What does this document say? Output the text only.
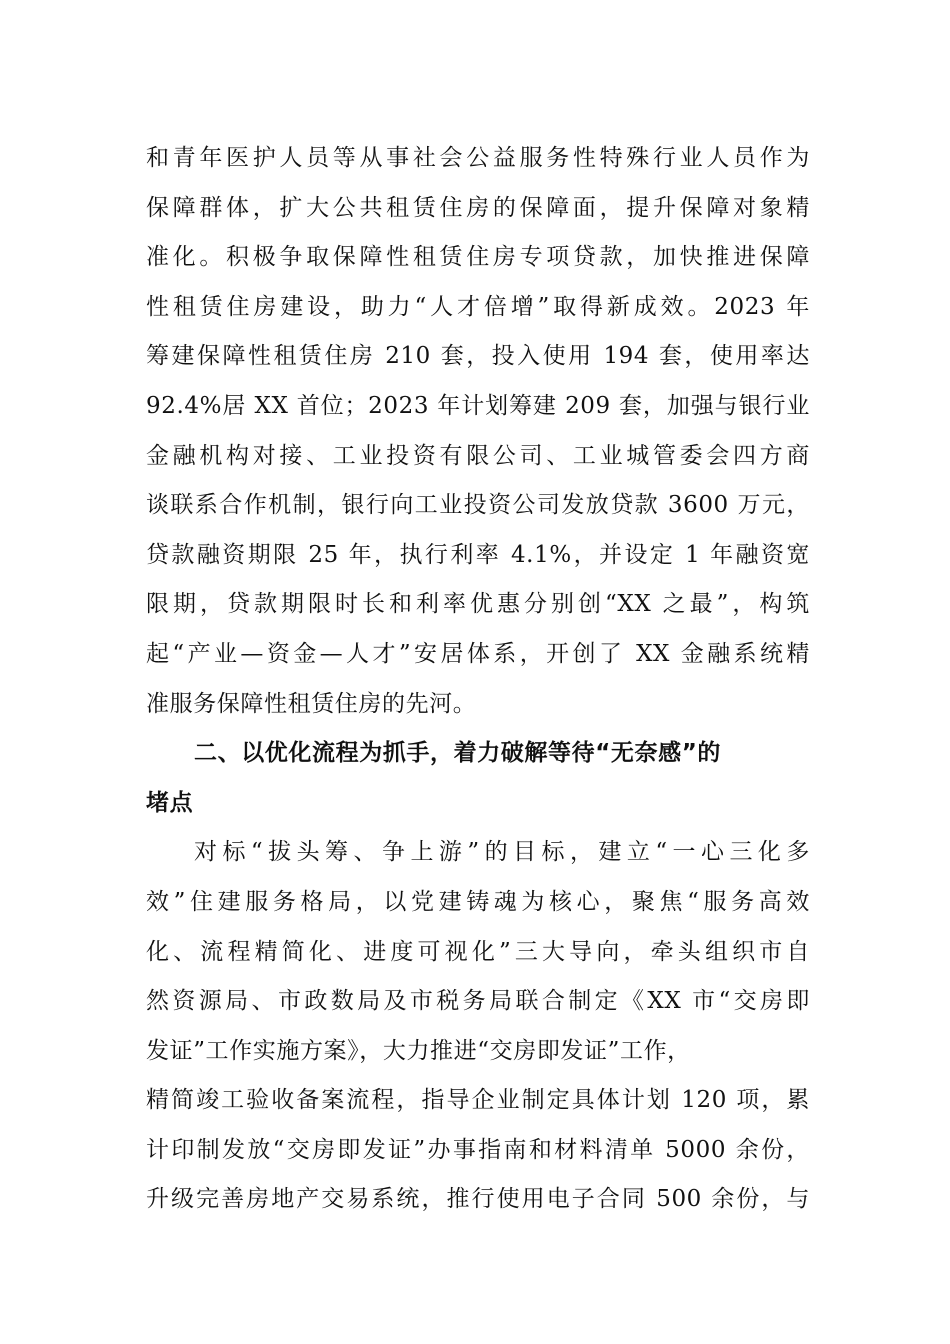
和青年医护人员等从事社会公益服务性特殊行业人员作为
保障群体，扩大公共租赁住房的保障面，提升保障对象精
准化。积极争取保障性租赁住房专项贷款，加快推进保障
性租赁住房建设，助力“人才倍增”取得新成效。2023 年
筹建保障性租赁住房 210 套，投入使用 194 套，使用率达
92.4%居 XX 首位；2023 年计划筹建 209 套，加强与银行业
金融机构对接、工业投资有限公司、工业城管委会四方商
谈联系合作机制，银行向工业投资公司发放贷款 3600 万元，
贷款融资期限 25 年，执行利率 4.1%，并设定 1 年融资宽
限期，贷款期限时长和利率优惠分别创“XX 之最”，构筑
起“产业—资金—人才”安居体系，开创了 XX 金融系统精
准服务保障性租赁住房的先河。
二、以优化流程为抓手，着力破解等待“无奈感”的
堵点
对标“拔头筹、争上游”的目标，建立“一心三化多
效”住建服务格局，以党建铸魂为核心，聚焦“服务高效
化、流程精简化、进度可视化”三大导向，牵头组织市自
然资源局、市政数局及市税务局联合制定《XX 市“交房即
发证”工作实施方案》，大力推进“交房即发证”工作，
精简竣工验收备案流程，指导企业制定具体计划 120 项，累
计印制发放“交房即发证”办事指南和材料清单 5000 余份，
升级完善房地产交易系统，推行使用电子合同 500 余份，与
